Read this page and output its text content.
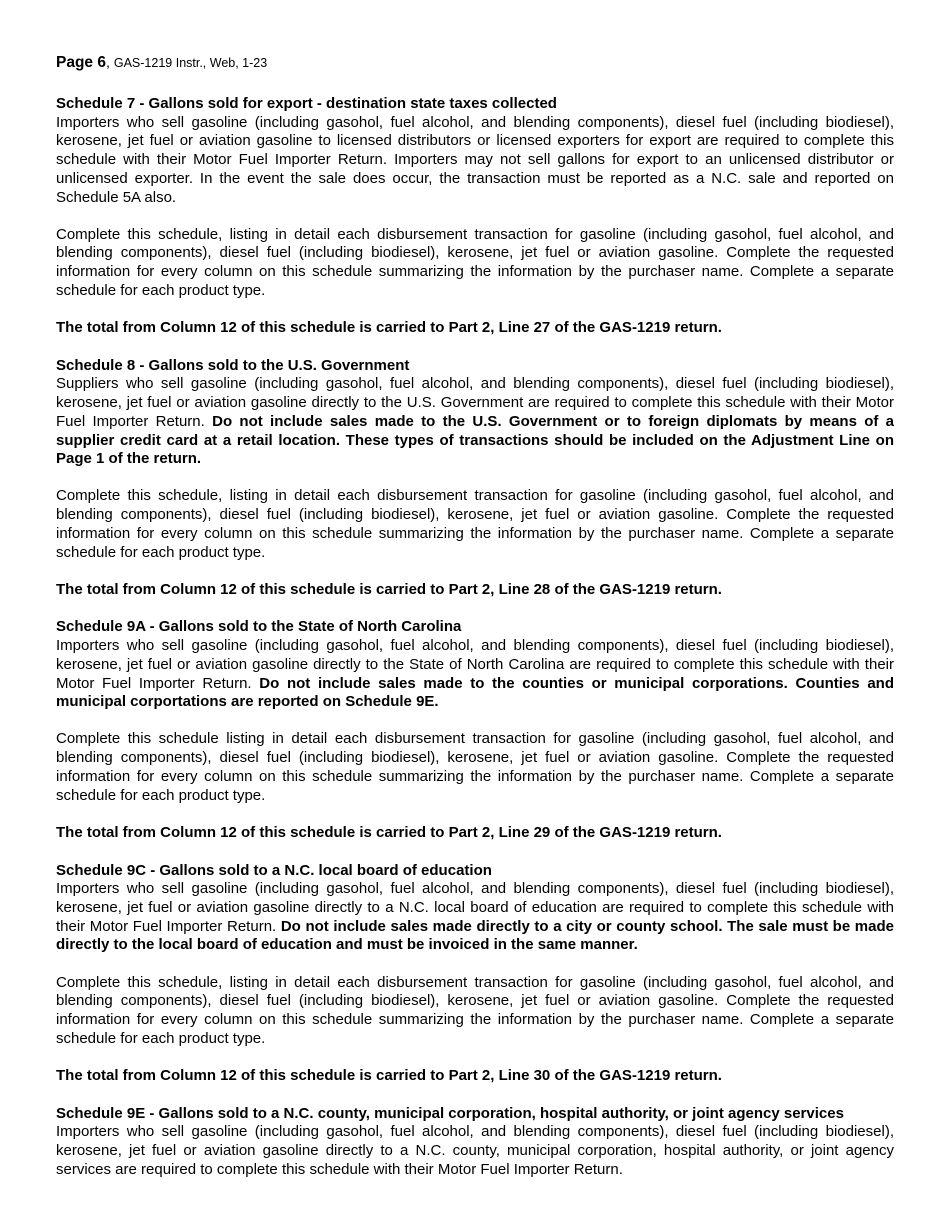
Page 6, GAS-1219 Instr., Web, 1-23
Schedule 7 - Gallons sold for export - destination state taxes collected

Importers who sell gasoline (including gasohol, fuel alcohol, and blending components), diesel fuel (including biodiesel), kerosene, jet fuel or aviation gasoline to licensed distributors or licensed exporters for export are required to complete this schedule with their Motor Fuel Importer Return. Importers may not sell gallons for export to an unlicensed distributor or unlicensed exporter. In the event the sale does occur, the transaction must be reported as a N.C. sale and reported on Schedule 5A also.

Complete this schedule, listing in detail each disbursement transaction for gasoline (including gasohol, fuel alcohol, and blending components), diesel fuel (including biodiesel), kerosene, jet fuel or aviation gasoline. Complete the requested information for every column on this schedule summarizing the information by the purchaser name. Complete a separate schedule for each product type.

The total from Column 12 of this schedule is carried to Part 2, Line 27 of the GAS-1219 return.
Schedule 8 - Gallons sold to the U.S. Government

Suppliers who sell gasoline (including gasohol, fuel alcohol, and blending components), diesel fuel (including biodiesel), kerosene, jet fuel or aviation gasoline directly to the U.S. Government are required to complete this schedule with their Motor Fuel Importer Return. Do not include sales made to the U.S. Government or to foreign diplomats by means of a supplier credit card at a retail location. These types of transactions should be included on the Adjustment Line on Page 1 of the return.

Complete this schedule, listing in detail each disbursement transaction for gasoline (including gasohol, fuel alcohol, and blending components), diesel fuel (including biodiesel), kerosene, jet fuel or aviation gasoline. Complete the requested information for every column on this schedule summarizing the information by the purchaser name. Complete a separate schedule for each product type.

The total from Column 12 of this schedule is carried to Part 2, Line 28 of the GAS-1219 return.
Schedule 9A - Gallons sold to the State of North Carolina

Importers who sell gasoline (including gasohol, fuel alcohol, and blending components), diesel fuel (including biodiesel), kerosene, jet fuel or aviation gasoline directly to the State of North Carolina are required to complete this schedule with their Motor Fuel Importer Return. Do not include sales made to the counties or municipal corporations. Counties and municipal corportations are reported on Schedule 9E.

Complete this schedule listing in detail each disbursement transaction for gasoline (including gasohol, fuel alcohol, and blending components), diesel fuel (including biodiesel), kerosene, jet fuel or aviation gasoline. Complete the requested information for every column on this schedule summarizing the information by the purchaser name. Complete a separate schedule for each product type.

The total from Column 12 of this schedule is carried to Part 2, Line 29 of the GAS-1219 return.
Schedule 9C - Gallons sold to a N.C. local board of education

Importers who sell gasoline (including gasohol, fuel alcohol, and blending components), diesel fuel (including biodiesel), kerosene, jet fuel or aviation gasoline directly to a N.C. local board of education are required to complete this schedule with their Motor Fuel Importer Return. Do not include sales made directly to a city or county school. The sale must be made directly to the local board of education and must be invoiced in the same manner.

Complete this schedule, listing in detail each disbursement transaction for gasoline (including gasohol, fuel alcohol, and blending components), diesel fuel (including biodiesel), kerosene, jet fuel or aviation gasoline. Complete the requested information for every column on this schedule summarizing the information by the purchaser name. Complete a separate schedule for each product type.

The total from Column 12 of this schedule is carried to Part 2, Line 30 of the GAS-1219 return.
Schedule 9E - Gallons sold to a N.C. county, municipal corporation, hospital authority, or joint agency services

Importers who sell gasoline (including gasohol, fuel alcohol, and blending components), diesel fuel (including biodiesel), kerosene, jet fuel or aviation gasoline directly to a N.C. county, municipal corporation, hospital authority, or joint agency services are required to complete this schedule with their Motor Fuel Importer Return.
